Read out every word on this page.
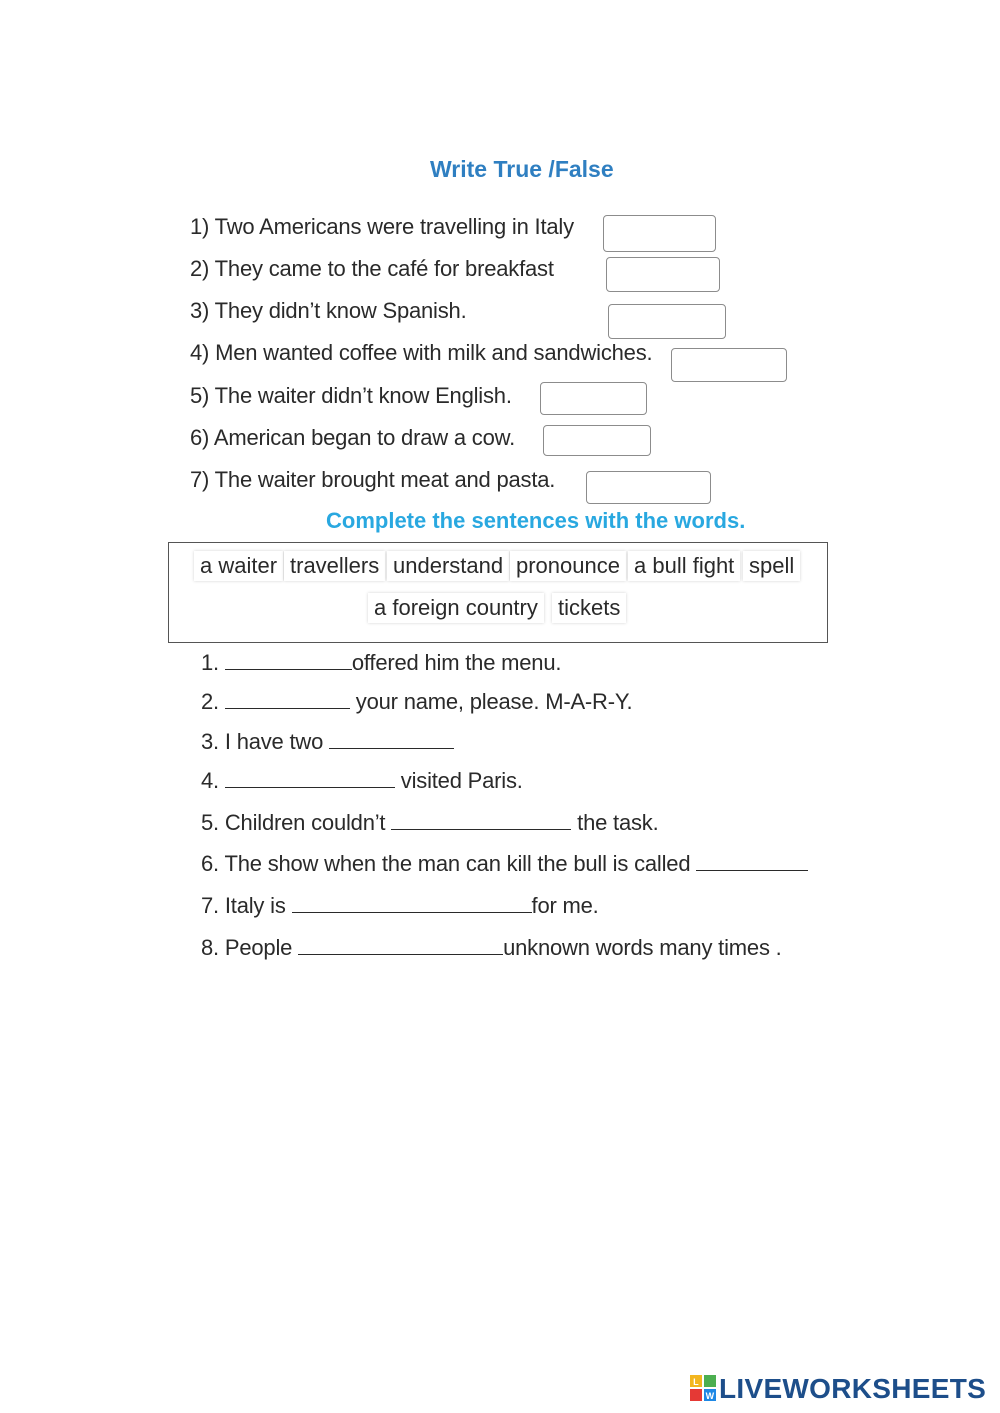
Write True /False
1) Two Americans were travelling in Italy
2) They came to the café for breakfast
3) They didn’t know Spanish.
4) Men wanted coffee with milk and sandwiches.
5) The waiter didn’t know English.
6) American began to draw a cow.
7) The waiter brought meat and pasta.
Complete the sentences with the words.
a waiter travellers understand pronounce a bull fight spell
a foreign country tickets
1.	offered him the menu.
2.	your name, please. M-A-R-Y.
3. I have two
4.	visited Paris.
5. Children couldn’t	the task.
6. The show when the man can kill the bull is called
7. Italy is	for me.
8. People	unknown words many times .
L
W LIVEWORKSHEETS
